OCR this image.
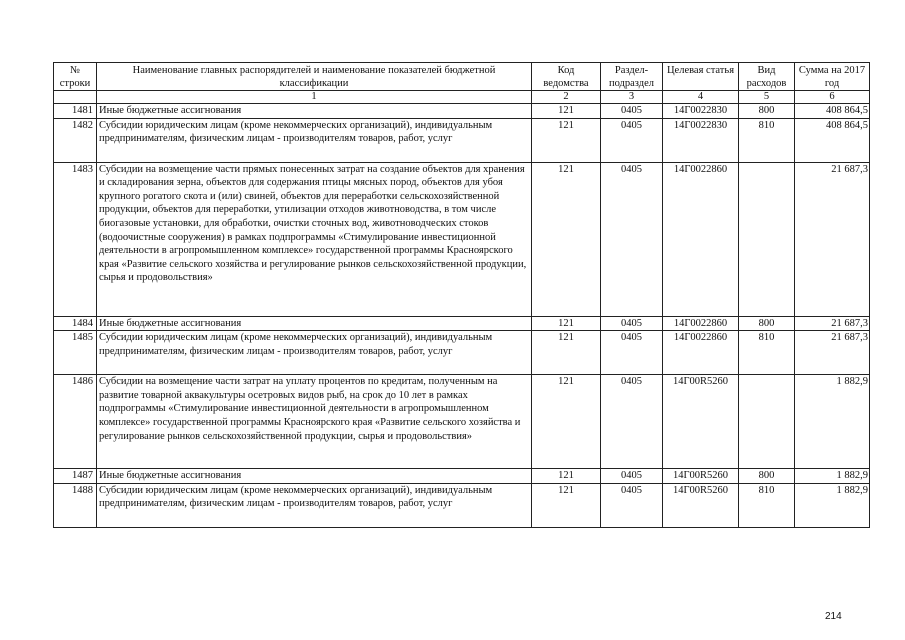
№ строки	Наименование главных распорядителей и наименование показателей бюджетной классификации	Код ведомства	Раздел-подраздел	Целевая статья	Вид расходов	Сумма на 2017 год
	1	2	3	4	5	6
1481	Иные бюджетные ассигнования	121	0405	14Г0022830	800	408 864,5
1482	Субсидии юридическим лицам (кроме некоммерческих организаций), индивидуальным предпринимателям, физическим лицам - производителям товаров, работ, услуг	121	0405	14Г0022830	810	408 864,5
1483	Субсидии на возмещение части прямых понесенных затрат на создание объектов для хранения и складирования зерна, объектов для содержания птицы мясных пород, объектов для убоя крупного рогатого скота и (или) свиней, объектов для переработки сельскохозяйственной продукции, объектов для переработки, утилизации отходов животноводства, в том числе биогазовые установки, для обработки, очистки сточных вод, животноводческих стоков (водоочистные сооружения) в рамках подпрограммы «Стимулирование инвестиционной деятельности в агропромышленном комплексе» государственной программы Красноярского края «Развитие сельского хозяйства и регулирование рынков сельскохозяйственной продукции, сырья и продовольствия»	121	0405	14Г0022860		21 687,3
1484	Иные бюджетные ассигнования	121	0405	14Г0022860	800	21 687,3
1485	Субсидии юридическим лицам (кроме некоммерческих организаций), индивидуальным предпринимателям, физическим лицам - производителям товаров, работ, услуг	121	0405	14Г0022860	810	21 687,3
1486	Субсидии на возмещение части затрат на уплату процентов по кредитам, полученным на развитие товарной аквакультуры осетровых видов рыб, на срок до 10 лет в рамках подпрограммы «Стимулирование инвестиционной деятельности в агропромышленном комплексе» государственной программы Красноярского края «Развитие сельского хозяйства и регулирование рынков сельскохозяйственной продукции, сырья и продовольствия»	121	0405	14Г00R5260		1 882,9
1487	Иные бюджетные ассигнования	121	0405	14Г00R5260	800	1 882,9
1488	Субсидии юридическим лицам (кроме некоммерческих организаций), индивидуальным предпринимателям, физическим лицам - производителям товаров, работ, услуг	121	0405	14Г00R5260	810	1 882,9
214
